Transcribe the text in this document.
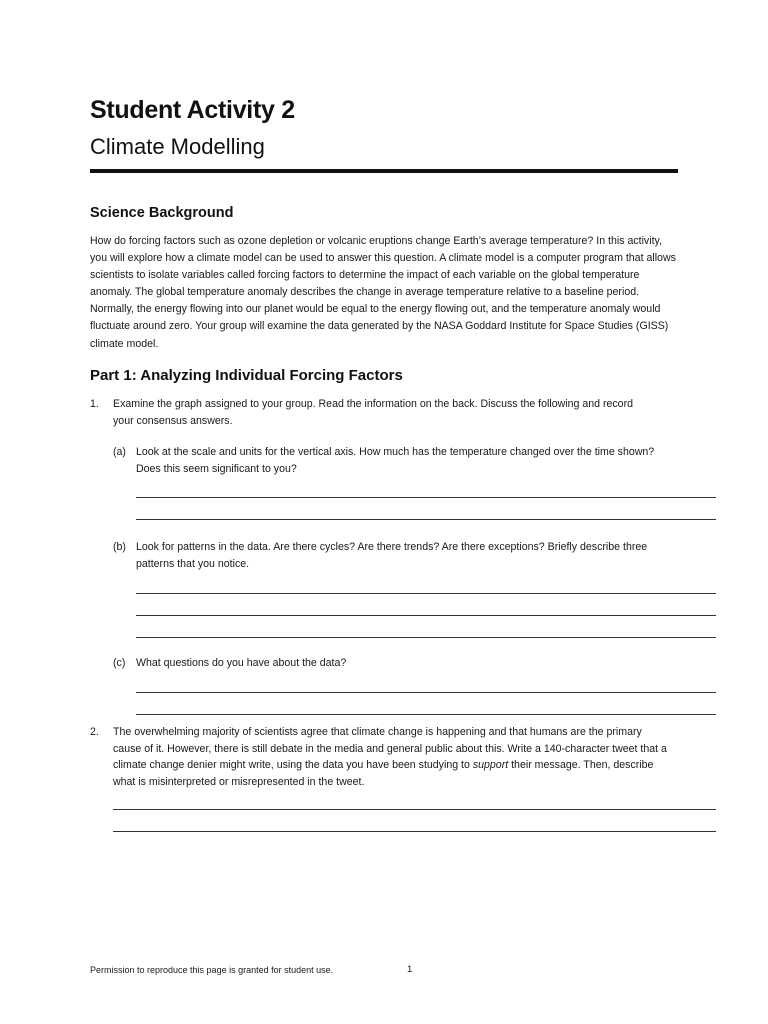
Student Activity 2
Climate Modelling
Science Background
How do forcing factors such as ozone depletion or volcanic eruptions change Earth’s average temperature? In this activity, you will explore how a climate model can be used to answer this question. A climate model is a computer program that allows scientists to isolate variables called forcing factors to determine the impact of each variable on the global temperature anomaly. The global temperature anomaly describes the change in average temperature relative to a baseline period. Normally, the energy flowing into our planet would be equal to the energy flowing out, and the temperature anomaly would fluctuate around zero. Your group will examine the data generated by the NASA Goddard Institute for Space Studies (GISS) climate model.
Part 1: Analyzing Individual Forcing Factors
1. Examine the graph assigned to your group. Read the information on the back. Discuss the following and record your consensus answers.
(a) Look at the scale and units for the vertical axis. How much has the temperature changed over the time shown? Does this seem significant to you?
(b) Look for patterns in the data. Are there cycles? Are there trends? Are there exceptions? Briefly describe three patterns that you notice.
(c) What questions do you have about the data?
2. The overwhelming majority of scientists agree that climate change is happening and that humans are the primary cause of it. However, there is still debate in the media and general public about this. Write a 140-character tweet that a climate change denier might write, using the data you have been studying to support their message. Then, describe what is misinterpreted or misrepresented in the tweet.
Permission to reproduce this page is granted for student use.	1
